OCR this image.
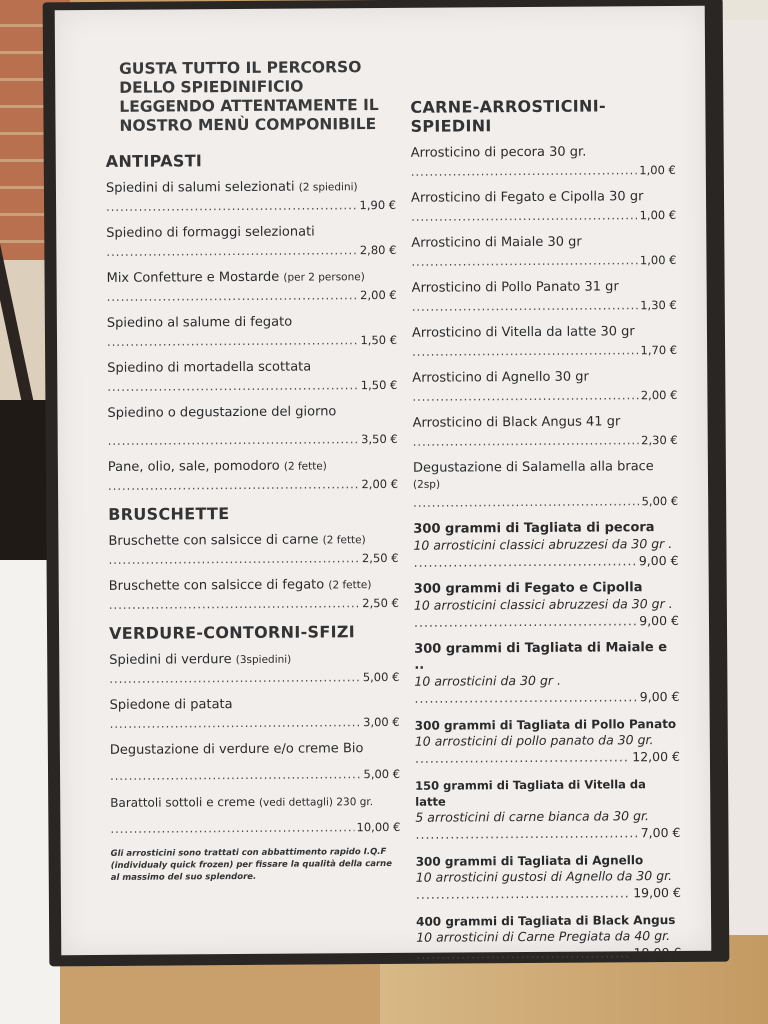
GUSTA TUTTO IL PERCORSO
DELLO SPIEDINIFICIO
LEGGENDO ATTENTAMENTE IL
NOSTRO MENÙ COMPONIBILE
ANTIPASTI
Spiedini di salumi selezionati (2 spiedini)
.....
1,90 €
Spiedino di formaggi selezionati
.....
2,80 €
Mix Confetture e Mostarde (per 2 persone)
.....
2,00 €
Spiedino al salume di fegato
.....
1,50 €
Spiedino di mortadella scottata
.....
1,50 €
Spiedino o degustazione del giorno
.....
3,50 €
Pane, olio, sale, pomodoro (2 fette)
.....
2,00 €
BRUSCHETTE
Bruschette con salsicce di carne (2 fette)
.....
2,50 €
Bruschette con salsicce di fegato (2 fette)
.....
2,50 €
VERDURE-CONTORNI-SFIZI
Spiedini di verdure (3spiedini)
.....
5,00 €
Spiedone di patata
.....
3,00 €
Degustazione di verdure e/o creme Bio
.....
5,00 €
Barattoli sottoli e creme (vedi dettagli) 230 gr.
.....
10,00 €
Gli arrosticini sono trattati con abbattimento rapido I.Q.F (individualy quick frozen) per fissare la qualità della carne al massimo del suo splendore.
CARNE-ARROSTICINI-SPIEDINI
Arrosticino di pecora 30 gr.
.....
1,00 €
Arrosticino di Fegato e Cipolla 30 gr
.....
1,00 €
Arrosticino di Maiale 30 gr
.....
1,00 €
Arrosticino di Pollo Panato 31 gr
.....
1,30 €
Arrosticino di Vitella da latte 30 gr
.....
1,70 €
Arrosticino di Agnello 30 gr
.....
2,00 €
Arrosticino di Black Angus 41 gr
.....
2,30 €
Degustazione di Salamella alla brace (2sp)
.....
5,00 €
300 grammi di Tagliata di pecora
10 arrosticini classici abruzzesi da 30 gr .
.....
9,00 €
300 grammi di Fegato e Cipolla
10 arrosticini classici abruzzesi da 30 gr .
.....
9,00 €
300 grammi di Tagliata di Maiale e ..
10 arrosticini da 30 gr .
.....
9,00 €
300 grammi di Tagliata di Pollo Panato
10 arrosticini di pollo panato da 30 gr.
.....
12,00 €
150 grammi di Tagliata di Vitella da latte
5 arrosticini di carne bianca da 30 gr.
.....
7,00 €
300 grammi di Tagliata di Agnello
10 arrosticini gustosi di Agnello da 30 gr.
.....
19,00 €
400 grammi di Tagliata di Black Angus
10 arrosticini di Carne Pregiata da 40 gr.
.....
19,00 €
